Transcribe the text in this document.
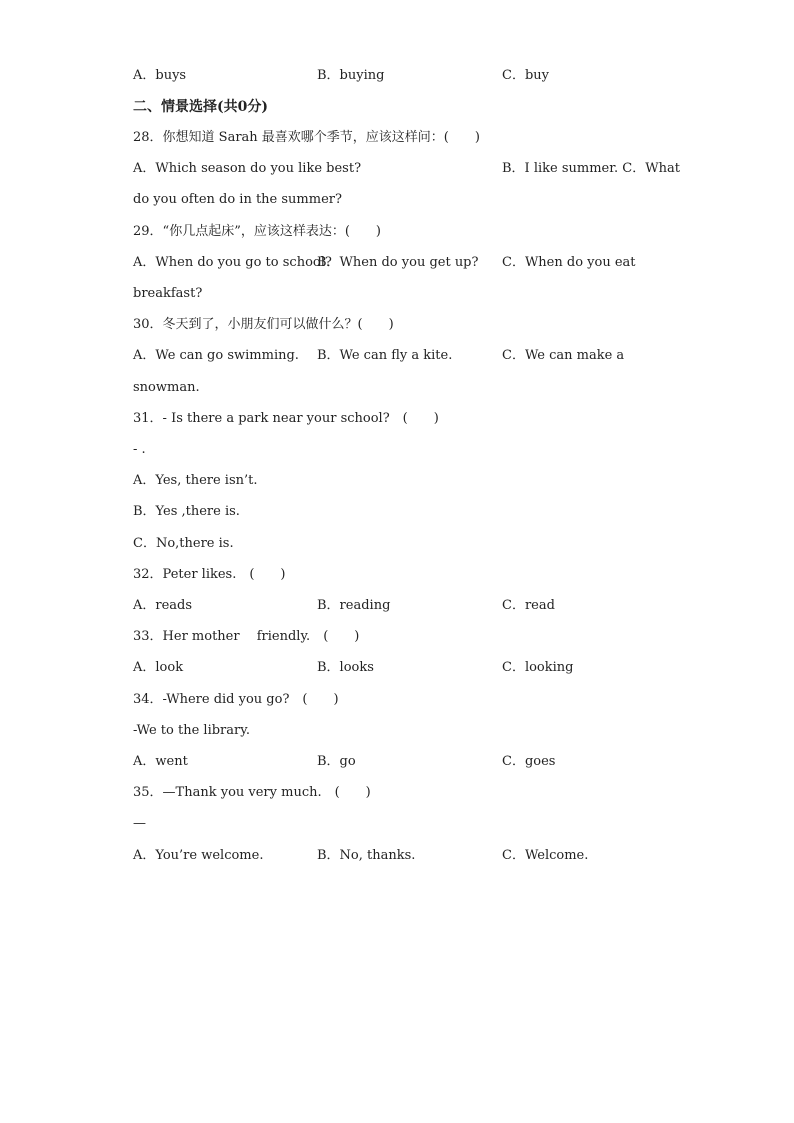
A．buys	B．buying	C．buy
二、情景选择(共0分)
28．你想知道 Sarah 最喜欢哪个季节，应该这样问：(　　)
A．Which season do you like best?	B．I like summer. C．What
do you often do in the summer?
29．“你几点起床”，应该这样表达：(　　)
A．When do you go to school?
B．When do you get up? C．When do you eat
breakfast?
30．冬天到了，小朋友们可以做什么？(　　)
A．We can go swimming. B．We can fly a kite.	C．We can make a
snowman.
31．- Is there a park near your school?　(　　)
- .
A．Yes, there isn’t.
B．Yes ,there is.
C．No,there is.
32．Peter likes.　(　　)
A．reads	B．reading	C．read
33．Her mother　 friendly.　(　　)
A．look	B．looks	C．looking
34．-Where did you go?　(　　)
-We to the library.
A．went	B．go	C．goes
35．—Thank you very much.　(　　)
—
A．You’re welcome.	B．No, thanks.	C．Welcome.
